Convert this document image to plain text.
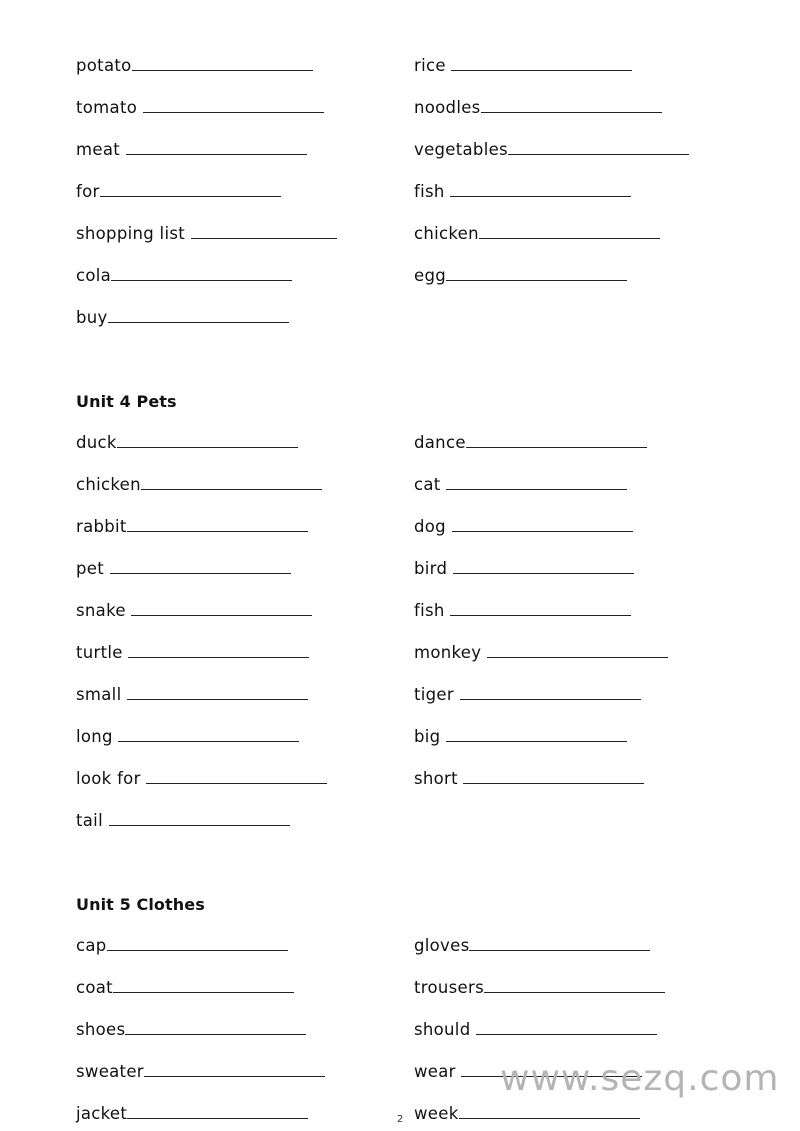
potato	rice
tomato	noodles
meat	vegetables
for	fish
shopping list	chicken
cola	egg
buy
Unit 4 Pets
duck	dance
chicken	cat
rabbit	dog
pet	bird
snake	fish
turtle	monkey
small	tiger
long	big
look for	short
tail
Unit 5 Clothes
cap	gloves
coat	trousers
shoes	should
sweater	wear
jacket	week
www.sezq.com
2
